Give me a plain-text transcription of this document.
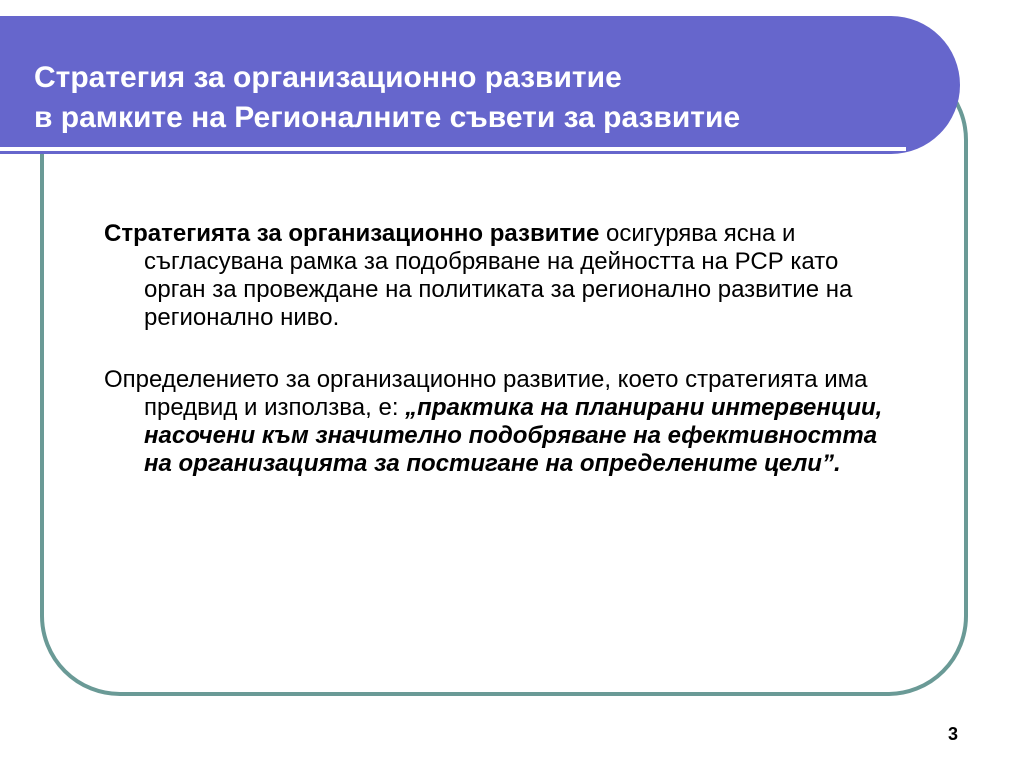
Стратегия за организационно развитие
в рамките на Регионалните съвети за развитие

Стратегията за организационно развитие осигурява ясна и съгласувана рамка за подобряване на дейността на РСР като орган за провеждане на политиката за регионално развитие на регионално ниво.

Определението за организационно развитие, което стратегията има предвид и използва, е: „практика на планирани интервенции, насочени към значително подобряване на ефективността на организацията за постигане на определените цели”.

3
